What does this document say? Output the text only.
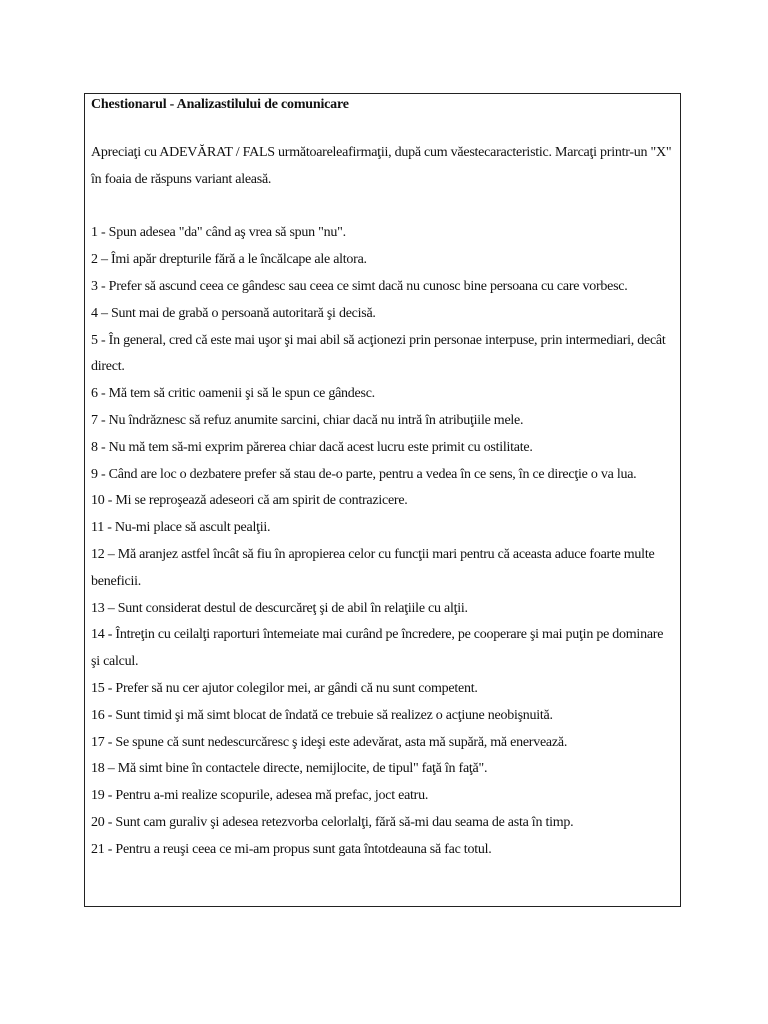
Chestionarul - Analizastilului de comunicare
Apreciaţi cu ADEVĂRAT / FALS următoareleafirmaţii, după cum văestecaracteristic. Marcaţi printr-un "X" în foaia de răspuns variant aleasă.
1 - Spun adesea "da" când aş vrea să spun "nu".
2 – Îmi apăr drepturile fără a le încălcape ale altora.
3 - Prefer să ascund ceea ce gândesc sau ceea ce simt dacă nu cunosc bine persoana cu care vorbesc.
4 – Sunt mai de grabă o persoană autoritară şi decisă.
5 - În general, cred că este mai uşor şi mai abil să acţionezi prin personae interpuse, prin intermediari, decât direct.
6 - Mă tem să critic oamenii şi să le spun ce gândesc.
7 - Nu îndrăznesc să refuz anumite sarcini, chiar dacă nu intră în atribuţiile mele.
8 - Nu mă tem să-mi exprim părerea chiar dacă acest lucru este primit cu ostilitate.
9 - Când are loc o dezbatere prefer să stau de-o parte, pentru a vedea în ce sens, în ce direcţie o va lua.
10 - Mi se reproşează adeseori că am spirit de contrazicere.
11 - Nu-mi place să ascult pealţii.
12 – Mă aranjez astfel încât să fiu în apropierea celor cu funcţii mari pentru că aceasta aduce foarte multe beneficii.
13 – Sunt considerat destul de descurcăreţ şi de abil în relaţiile cu alţii.
14 - Întreţin cu ceilalţi raporturi întemeiate mai curând pe încredere, pe cooperare şi mai puţin pe dominare şi calcul.
15 - Prefer să nu cer ajutor colegilor mei, ar gândi că nu sunt competent.
16 - Sunt timid şi mă simt blocat de îndată ce trebuie să realizez o acţiune neobişnuită.
17 - Se spune că sunt nedescurcăresc ş ideşi este adevărat, asta mă supără, mă enervează.
18 – Mă simt bine în contactele directe, nemijlocite, de tipul" faţă în faţă".
19 - Pentru a-mi realize scopurile, adesea mă prefac, joct eatru.
20 - Sunt cam guraliv şi adesea retezvorba celorlalţi, fără să-mi dau seama de asta în timp.
21 - Pentru a reuşi ceea ce mi-am propus sunt gata întotdeauna să fac totul.
